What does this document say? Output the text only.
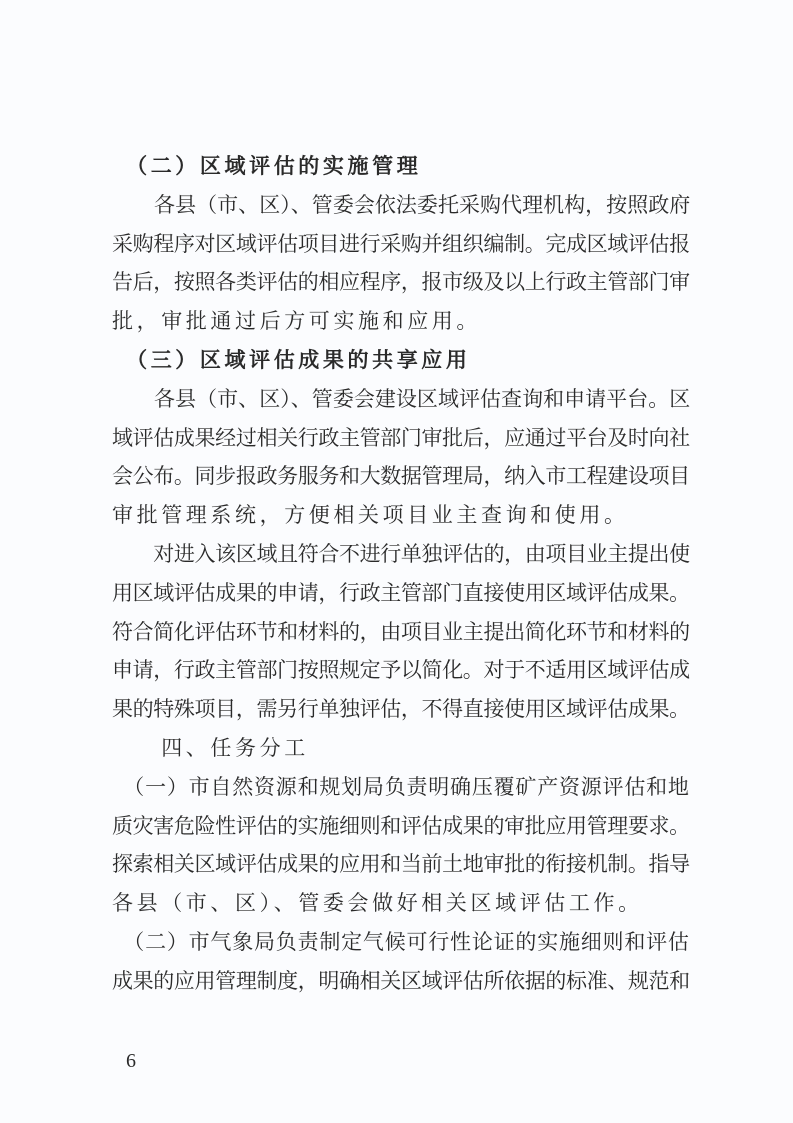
　（二）区域评估的实施管理
　　各县（市、区）、管委会依法委托采购代理机构，按照政府
采购程序对区域评估项目进行采购并组织编制。完成区域评估报
告后，按照各类评估的相应程序，报市级及以上行政主管部门审
批，审批通过后方可实施和应用。
　（三）区域评估成果的共享应用
　　各县（市、区）、管委会建设区域评估查询和申请平台。区
域评估成果经过相关行政主管部门审批后，应通过平台及时向社
会公布。同步报政务服务和大数据管理局，纳入市工程建设项目
审批管理系统，方便相关项目业主查询和使用。
　　对进入该区域且符合不进行单独评估的，由项目业主提出使
用区域评估成果的申请，行政主管部门直接使用区域评估成果。
符合简化评估环节和材料的，由项目业主提出简化环节和材料的
申请，行政主管部门按照规定予以简化。对于不适用区域评估成
果的特殊项目，需另行单独评估，不得直接使用区域评估成果。
　　四、任务分工
　（一）市自然资源和规划局负责明确压覆矿产资源评估和地
质灾害危险性评估的实施细则和评估成果的审批应用管理要求。
探索相关区域评估成果的应用和当前土地审批的衔接机制。指导
各县（市、区）、管委会做好相关区域评估工作。
　（二）市气象局负责制定气候可行性论证的实施细则和评估
成果的应用管理制度，明确相关区域评估所依据的标准、规范和
6
